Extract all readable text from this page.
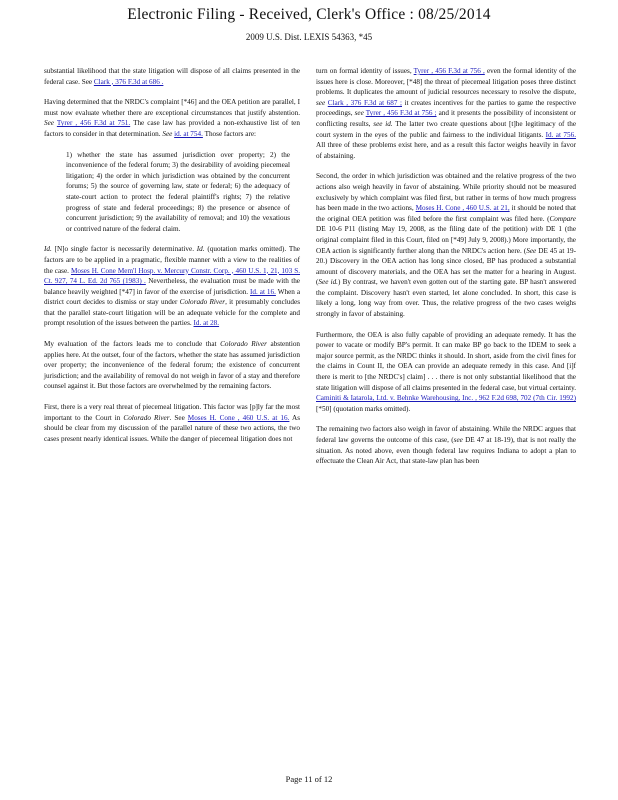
Electronic Filing - Received, Clerk's Office : 08/25/2014
2009 U.S. Dist. LEXIS 54363, *45

substantial likelihood that the state litigation will dispose of all claims presented in the federal case. See Clark , 376 F.3d at 686 .

Having determined that the NRDC's complaint [*46] and the OEA petition are parallel, I must now evaluate whether there are exceptional circumstances that justify abstention. See Tyrer , 456 F.3d at 751. The case law has provided a non-exhaustive list of ten factors to consider in that determination. See id. at 754. Those factors are:

1) whether the state has assumed jurisdiction over property; 2) the inconvenience of the federal forum; 3) the desirability of avoiding piecemeal litigation; 4) the order in which jurisdiction was obtained by the concurrent forums; 5) the source of governing law, state or federal; 6) the adequacy of state-court action to protect the federal plaintiff's rights; 7) the relative progress of state and federal proceedings; 8) the presence or absence of concurrent jurisdiction; 9) the availability of removal; and 10) the vexatious or contrived nature of the federal claim.

Id. [N]o single factor is necessarily determinative. Id. (quotation marks omitted). The factors are to be applied in a pragmatic, flexible manner with a view to the realities of the case. Moses H. Cone Mem'l Hosp. v. Mercury Constr. Corp. , 460 U.S. 1, 21, 103 S. Ct. 927, 74 L. Ed. 2d 765 (1983) . Nevertheless, the evaluation must be made with the balance heavily weighted [*47] in favor of the exercise of jurisdiction. Id. at 16. When a district court decides to dismiss or stay under Colorado River, it presumably concludes that the parallel state-court litigation will be an adequate vehicle for the complete and prompt resolution of the issues between the parties. Id. at 28.

My evaluation of the factors leads me to conclude that Colorado River abstention applies here. At the outset, four of the factors, whether the state has assumed jurisdiction over property; the inconvenience of the federal forum; the existence of concurrent jurisdiction; and the availability of removal do not weigh in favor of a stay and therefore counsel against it. But those factors are overwhelmed by the remaining factors.

First, there is a very real threat of piecemeal litigation. This factor was [p]ly far the most important to the Court in Colorado River. See Moses H. Cone , 460 U.S. at 16. As should be clear from my discussion of the parallel nature of these two actions, the two cases present nearly identical issues. While the danger of piecemeal litigation does not

turn on formal identity of issues, Tyrer , 456 F.3d at 756 , even the formal identity of the issues here is close. Moreover, [*48] the threat of piecemeal litigation poses three distinct problems. It duplicates the amount of judicial resources necessary to resolve the dispute, see Clark , 376 F.3d at 687 ; it creates incentives for the parties to game the respective proceedings, see Tyrer , 456 F.3d at 756 ; and it presents the possibility of inconsistent or conflicting results, see id. The latter two create questions about [t]he legitimacy of the court system in the eyes of the public and fairness to the individual litigants. Id. at 756. All three of these problems exist here, and as a result this factor weighs heavily in favor of abstaining.

Second, the order in which jurisdiction was obtained and the relative progress of the two actions also weigh heavily in favor of abstaining. While priority should not be measured exclusively by which complaint was filed first, but rather in terms of how much progress has been made in the two actions, Moses H. Cone , 460 U.S. at 21, it should be noted that the original OEA petition was filed before the first complaint was filed here. (Compare DE 10-6 P11 (listing May 19, 2008, as the filing date of the petition) with DE 1 (the original complaint filed in this Court, filed on [*49] July 9, 2008).) More importantly, the OEA action is significantly further along than the NRDC's action here. (See DE 45 at 19-20.) Discovery in the OEA action has long since closed, BP has produced a substantial amount of discovery materials, and the OEA has set the matter for a hearing in August. (See id.) By contrast, we haven't even gotten out of the starting gate. BP hasn't answered the complaint. Discovery hasn't even started, let alone concluded. In short, this case is likely a long, long way from over. Thus, the relative progress of the two cases weighs strongly in favor of abstaining.

Furthermore, the OEA is also fully capable of providing an adequate remedy. It has the power to vacate or modify BP's permit. It can make BP go back to the IDEM to seek a major source permit, as the NRDC thinks it should. In short, aside from the civil fines for the claims in Count II, the OEA can provide an adequate remedy in this case. And [i]f there is merit to [the NRDC's] claim] . . . there is not only substantial likelihood that the state litigation will dispose of all claims presented in the federal case, but virtual certainty. Caminiti & Iatarola, Ltd. v. Behnke Warehousing, Inc. , 962 F.2d 698, 702 (7th Cir. 1992) [*50] (quotation marks omitted).

The remaining two factors also weigh in favor of abstaining. While the NRDC argues that federal law governs the outcome of this case, (see DE 47 at 18-19), that is not really the situation. As noted above, even though federal law requires Indiana to adopt a plan to effectuate the Clean Air Act, that state-law plan has been

Page 11 of 12
